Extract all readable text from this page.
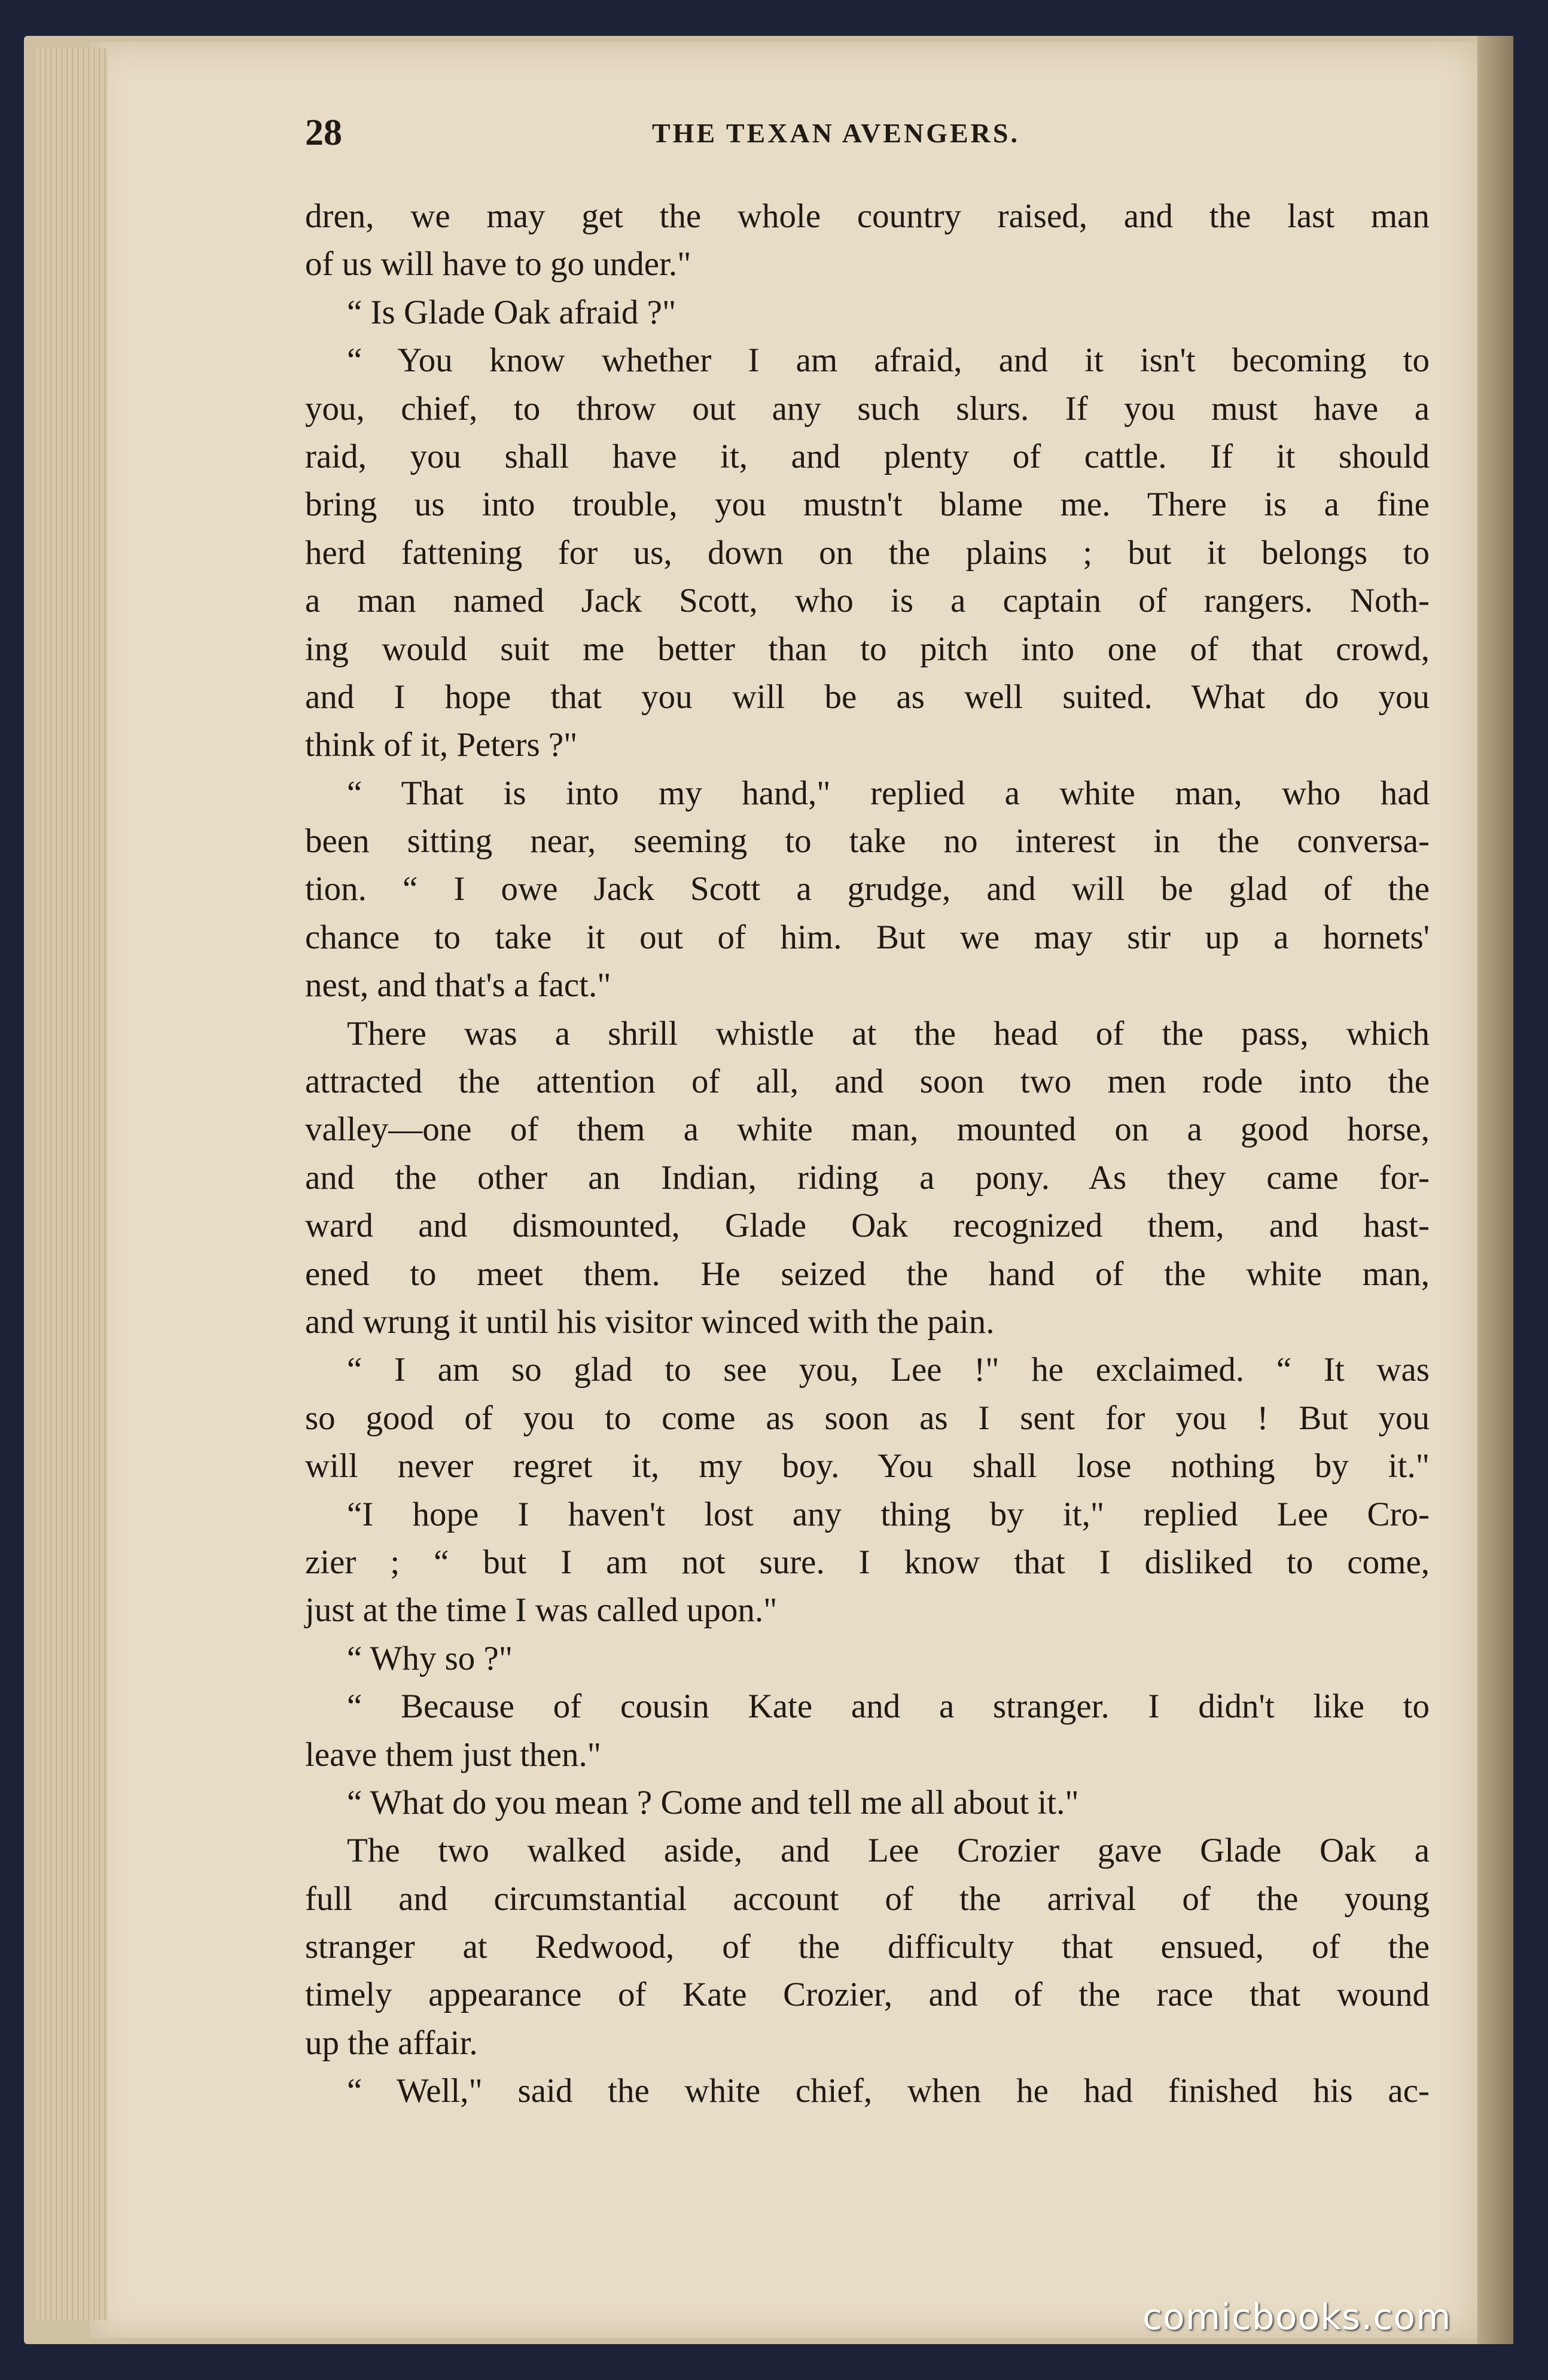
28	THE TEXAN AVENGERS.
dren, we may get the whole country raised, and the last man
of us will have to go under."
“ Is Glade Oak afraid ?"
“ You know whether I am afraid, and it isn't becoming to
you, chief, to throw out any such slurs. If you must have a
raid, you shall have it, and plenty of cattle. If it should
bring us into trouble, you mustn't blame me. There is a fine
herd fattening for us, down on the plains ; but it belongs to
a man named Jack Scott, who is a captain of rangers. Noth-
ing would suit me better than to pitch into one of that crowd,
and I hope that you will be as well suited. What do you
think of it, Peters ?"
“ That is into my hand," replied a white man, who had
been sitting near, seeming to take no interest in the conversa-
tion. “ I owe Jack Scott a grudge, and will be glad of the
chance to take it out of him. But we may stir up a hornets'
nest, and that's a fact."
There was a shrill whistle at the head of the pass, which
attracted the attention of all, and soon two men rode into the
valley—one of them a white man, mounted on a good horse,
and the other an Indian, riding a pony. As they came for-
ward and dismounted, Glade Oak recognized them, and hast-
ened to meet them. He seized the hand of the white man,
and wrung it until his visitor winced with the pain.
“ I am so glad to see you, Lee !" he exclaimed. “ It was
so good of you to come as soon as I sent for you ! But you
will never regret it, my boy. You shall lose nothing by it."
“I hope I haven't lost any thing by it," replied Lee Cro-
zier ; “ but I am not sure. I know that I disliked to come,
just at the time I was called upon."
“ Why so ?"
“ Because of cousin Kate and a stranger. I didn't like to
leave them just then."
“ What do you mean ? Come and tell me all about it."
The two walked aside, and Lee Crozier gave Glade Oak a
full and circumstantial account of the arrival of the young
stranger at Redwood, of the difficulty that ensued, of the
timely appearance of Kate Crozier, and of the race that wound
up the affair.
“ Well," said the white chief, when he had finished his ac-
comicbooks.com
